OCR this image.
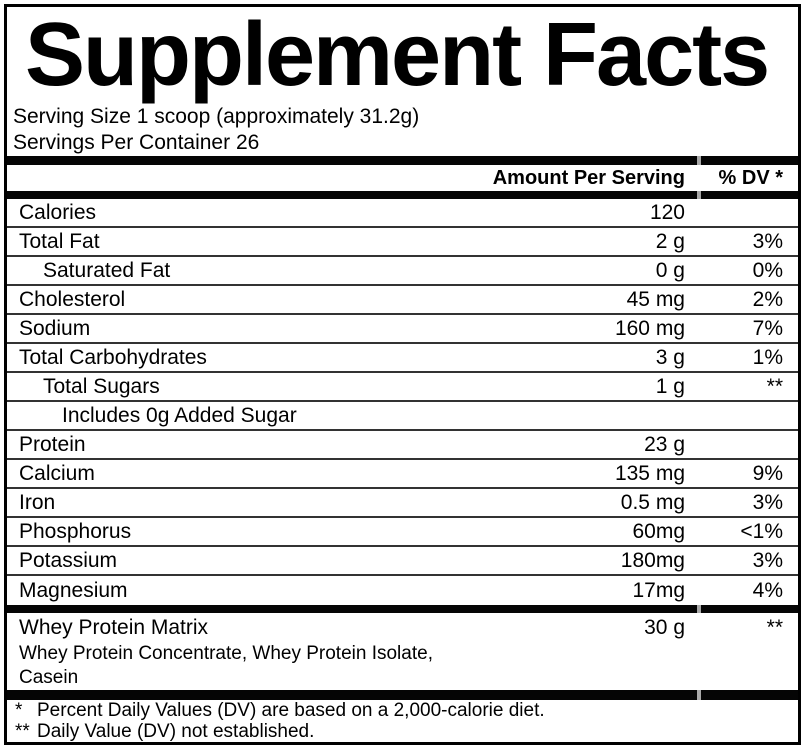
Supplement Facts
Serving Size 1 scoop (approximately 31.2g)
Servings Per Container 26
Amount Per Serving	% DV *
Calories	120
Total Fat	2 g	3%
Saturated Fat	0 g	0%
Cholesterol	45 mg	2%
Sodium	160 mg	7%
Total Carbohydrates	3 g	1%
Total Sugars	1 g	**
Includes 0g Added Sugar
Protein	23 g
Calcium	135 mg	9%
Iron	0.5 mg	3%
Phosphorus	60mg	<1%
Potassium	180mg	3%
Magnesium	17mg	4%
Whey Protein Matrix	30 g	**
Whey Protein Concentrate, Whey Protein Isolate,
Casein
* Percent Daily Values (DV) are based on a 2,000-calorie diet.
** Daily Value (DV) not established.
